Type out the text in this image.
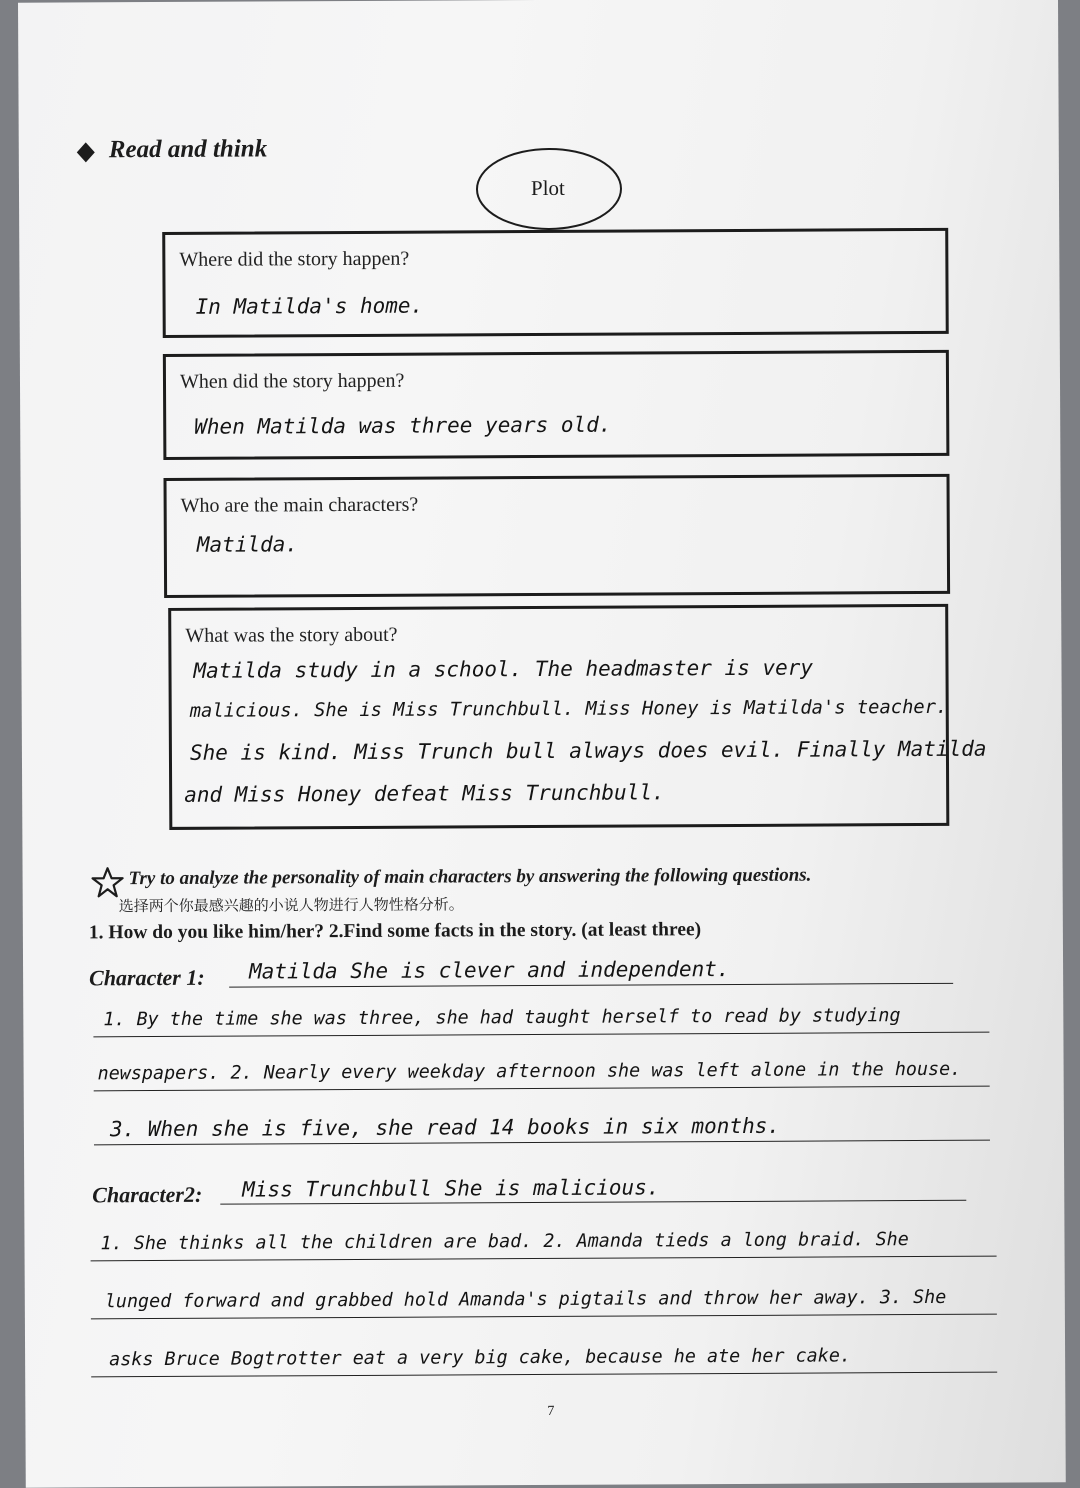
Read and think
Plot
Where did the story happen?
In Matilda's home.
When did the story happen?
When Matilda was three years old.
Who are the main characters?
Matilda.
What was the story about?
Matilda study in a school. The headmaster is very
malicious. She is Miss Trunchbull. Miss Honey is Matilda's teacher.
She is kind. Miss Trunch bull always does evil. Finally Matilda
and Miss Honey defeat Miss Trunchbull.
Try to analyze the personality of main characters by answering the following questions.
选择两个你最感兴趣的小说人物进行人物性格分析。
1. How do you like him/her? 2.Find some facts in the story. (at least three)
Character 1: Matilda She is clever and independent.
1. By the time she was three, she had taught herself to read by studying
newspapers. 2. Nearly every weekday afternoon she was left alone in the house.
3. When she is five, she read 14 books in six months.
Character2: Miss Trunchbull She is malicious.
1. She thinks all the children are bad. 2. Amanda tieds a long braid. She
lunged forward and grabbed hold Amanda's pigtails and throw her away. 3. She
asks Bruce Bogtrotter eat a very big cake, because he ate her cake.
7
